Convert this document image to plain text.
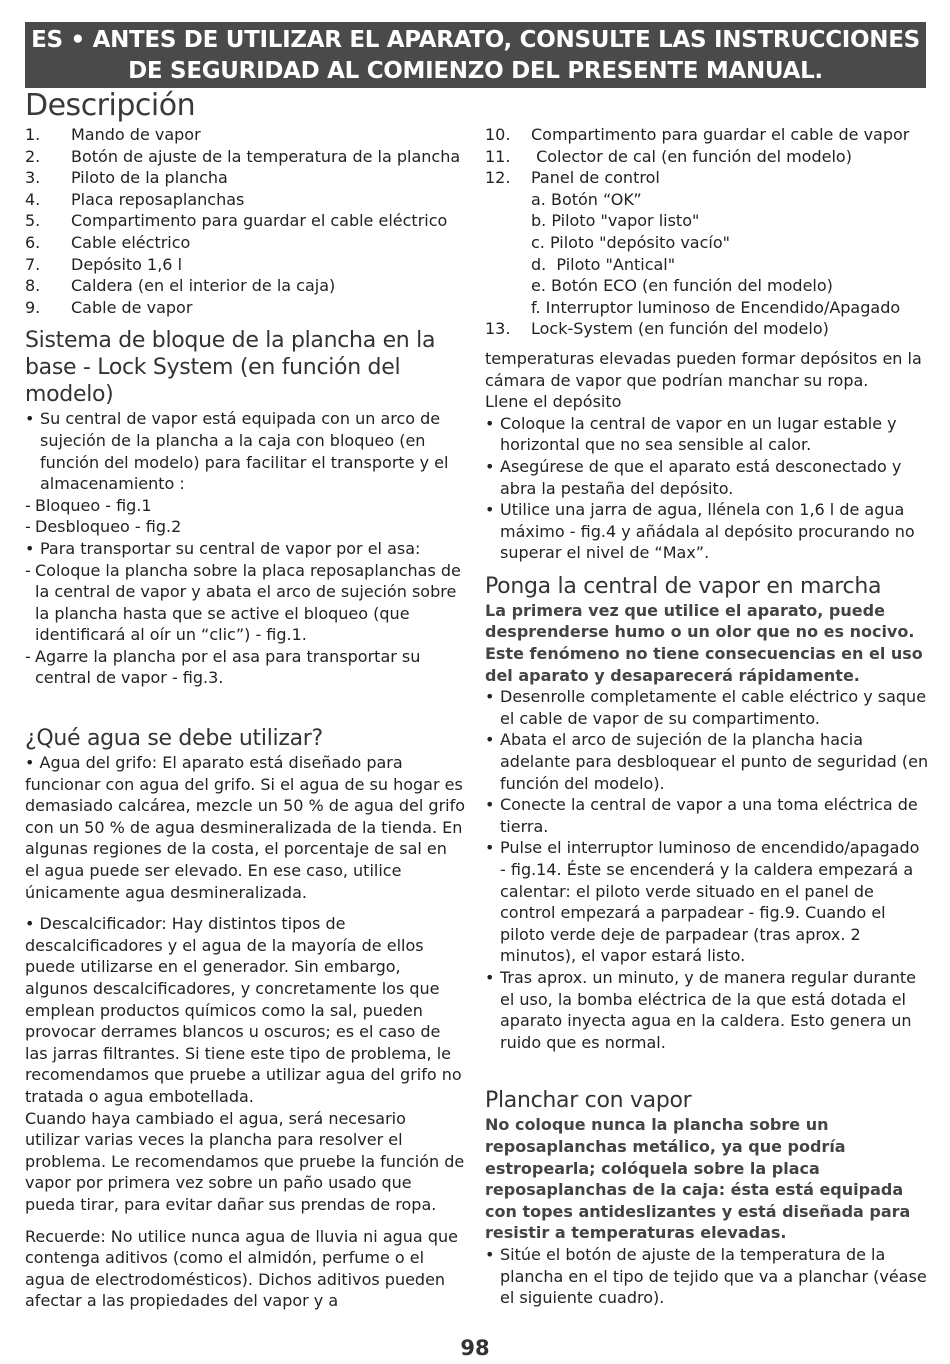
ES • ANTES DE UTILIZAR EL APARATO, CONSULTE LAS INSTRUCCIONES
DE SEGURIDAD AL COMIENZO DEL PRESENTE MANUAL.
Descripción
1.	Mando de vapor
2.	Botón de ajuste de la temperatura de la plancha
3.	Piloto de la plancha
4.	Placa reposaplanchas
5.	Compartimento para guardar el cable eléctrico
6.	Cable eléctrico
7.	Depósito 1,6 l
8.	Caldera (en el interior de la caja)
9.	Cable de vapor
Sistema de bloque de la plancha en la base - Lock System (en función del modelo)
• Su central de vapor está equipada con un arco de sujeción de la plancha a la caja con bloqueo (en función del modelo) para facilitar el transporte y el almacenamiento :
- Bloqueo - fig.1
- Desbloqueo - fig.2
• Para transportar su central de vapor por el asa:
- Coloque la plancha sobre la placa reposaplanchas de la central de vapor y abata el arco de sujeción sobre la plancha hasta que se active el bloqueo (que identificará al oír un “clic”) - fig.1.
- Agarre la plancha por el asa para transportar su central de vapor - fig.3.
¿Qué agua se debe utilizar?

• Agua del grifo: El aparato está diseñado para funcionar con agua del grifo. Si el agua de su hogar es demasiado calcárea, mezcle un 50 % de agua del grifo con un 50 % de agua desmineralizada de la tienda. En algunas regiones de la costa, el porcentaje de sal en el agua puede ser elevado. En ese caso, utilice únicamente agua desmineralizada.

• Descalcificador: Hay distintos tipos de descalcificadores y el agua de la mayoría de ellos puede utilizarse en el generador. Sin embargo, algunos descalcificadores, y concretamente los que emplean productos químicos como la sal, pueden provocar derrames blancos u oscuros; es el caso de las jarras filtrantes. Si tiene este tipo de problema, le recomendamos que pruebe a utilizar agua del grifo no tratada o agua embotellada.

Cuando haya cambiado el agua, será necesario utilizar varias veces la plancha para resolver el problema. Le recomendamos que pruebe la función de vapor por primera vez sobre un paño usado que pueda tirar, para evitar dañar sus prendas de ropa.

Recuerde: No utilice nunca agua de lluvia ni agua que contenga aditivos (como el almidón, perfume o el agua de electrodomésticos). Dichos aditivos pueden afectar a las propiedades del vapor y a

10.	Compartimento para guardar el cable de vapor
11.	Colector de cal (en función del modelo)
12.	Panel de control
a. Botón “OK”
b. Piloto "vapor listo"
c. Piloto "depósito vacío"
d.  Piloto "Antical"
e. Botón ECO (en función del modelo)
f. Interruptor luminoso de Encendido/Apagado
13.	Lock-System (en función del modelo)

temperaturas elevadas pueden formar depósitos en la cámara de vapor que podrían manchar su ropa.

Llene el depósito

• Coloque la central de vapor en un lugar estable y horizontal que no sea sensible al calor.
• Asegúrese de que el aparato está desconectado y abra la pestaña del depósito.
• Utilice una jarra de agua, llénela con 1,6 l de agua máximo - fig.4 y añádala al depósito procurando no superar el nivel de “Max”.
Ponga la central de vapor en marcha

La primera vez que utilice el aparato, puede desprenderse humo o un olor que no es nocivo. Este fenómeno no tiene consecuencias en el uso del aparato y desaparecerá rápidamente.

• Desenrolle completamente el cable eléctrico y saque el cable de vapor de su compartimento.
• Abata el arco de sujeción de la plancha hacia adelante para desbloquear el punto de seguridad (en función del modelo).
• Conecte la central de vapor a una toma eléctrica de tierra.
• Pulse el interruptor luminoso de encendido/apagado - fig.14. Éste se encenderá y la caldera empezará a calentar: el piloto verde situado en el panel de control empezará a parpadear - fig.9. Cuando el piloto verde deje de parpadear (tras aprox. 2 minutos), el vapor estará listo.
• Tras aprox. un minuto, y de manera regular durante el uso, la bomba eléctrica de la que está dotada el aparato inyecta agua en la caldera. Esto genera un ruido que es normal.
Planchar con vapor

No coloque nunca la plancha sobre un reposaplanchas metálico, ya que podría estropearla; colóquela sobre la placa reposaplanchas de la caja: ésta está equipada con topes antideslizantes y está diseñada para resistir a temperaturas elevadas.

• Sitúe el botón de ajuste de la temperatura de la plancha en el tipo de tejido que va a planchar (véase el siguiente cuadro).
98
